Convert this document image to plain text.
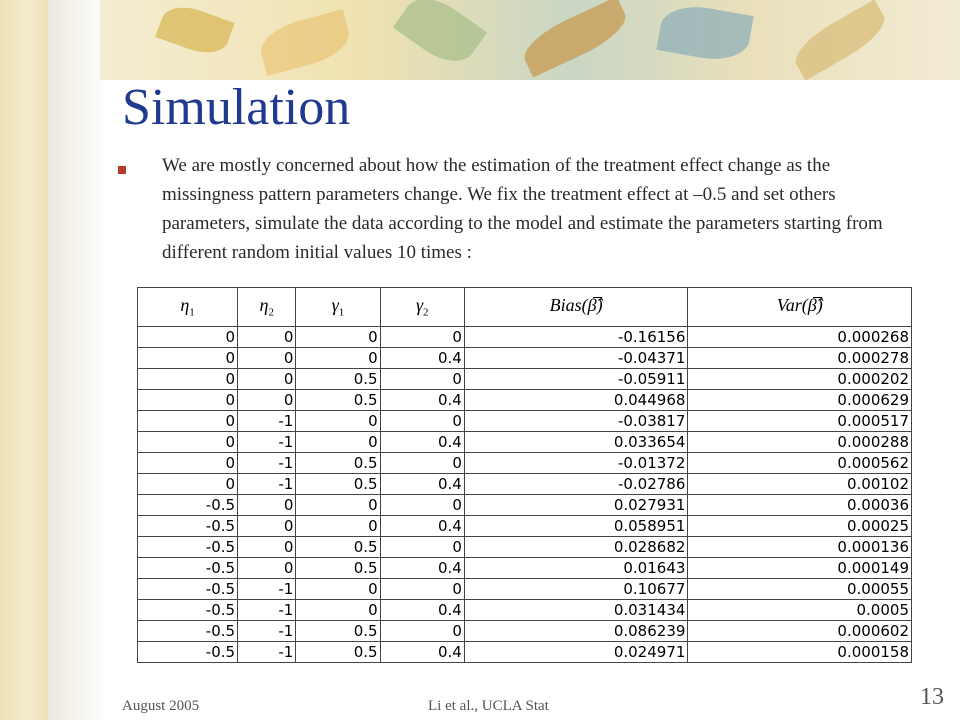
Simulation
We are mostly concerned about how the estimation of the treatment effect change as the missingness pattern parameters change. We fix the treatment effect at –0.5 and set others parameters, simulate the data according to the model and estimate the parameters starting from different random initial values 10 times :
$\eta_1$	$\eta_2$	$\gamma_1$	$\gamma_2$	Bias(β̂̅)	Var(β̂̅)
0	0	0	0	-0.16156	0.000268
0	0	0	0.4	-0.04371	0.000278
0	0	0.5	0	-0.05911	0.000202
0	0	0.5	0.4	0.044968	0.000629
0	-1	0	0	-0.03817	0.000517
0	-1	0	0.4	0.033654	0.000288
0	-1	0.5	0	-0.01372	0.000562
0	-1	0.5	0.4	-0.02786	0.00102
-0.5	0	0	0	0.027931	0.00036
-0.5	0	0	0.4	0.058951	0.00025
-0.5	0	0.5	0	0.028682	0.000136
-0.5	0	0.5	0.4	0.01643	0.000149
-0.5	-1	0	0	0.10677	0.00055
-0.5	-1	0	0.4	0.031434	0.0005
-0.5	-1	0.5	0	0.086239	0.000602
-0.5	-1	0.5	0.4	0.024971	0.000158
August 2005	Li et al., UCLA Stat	13
